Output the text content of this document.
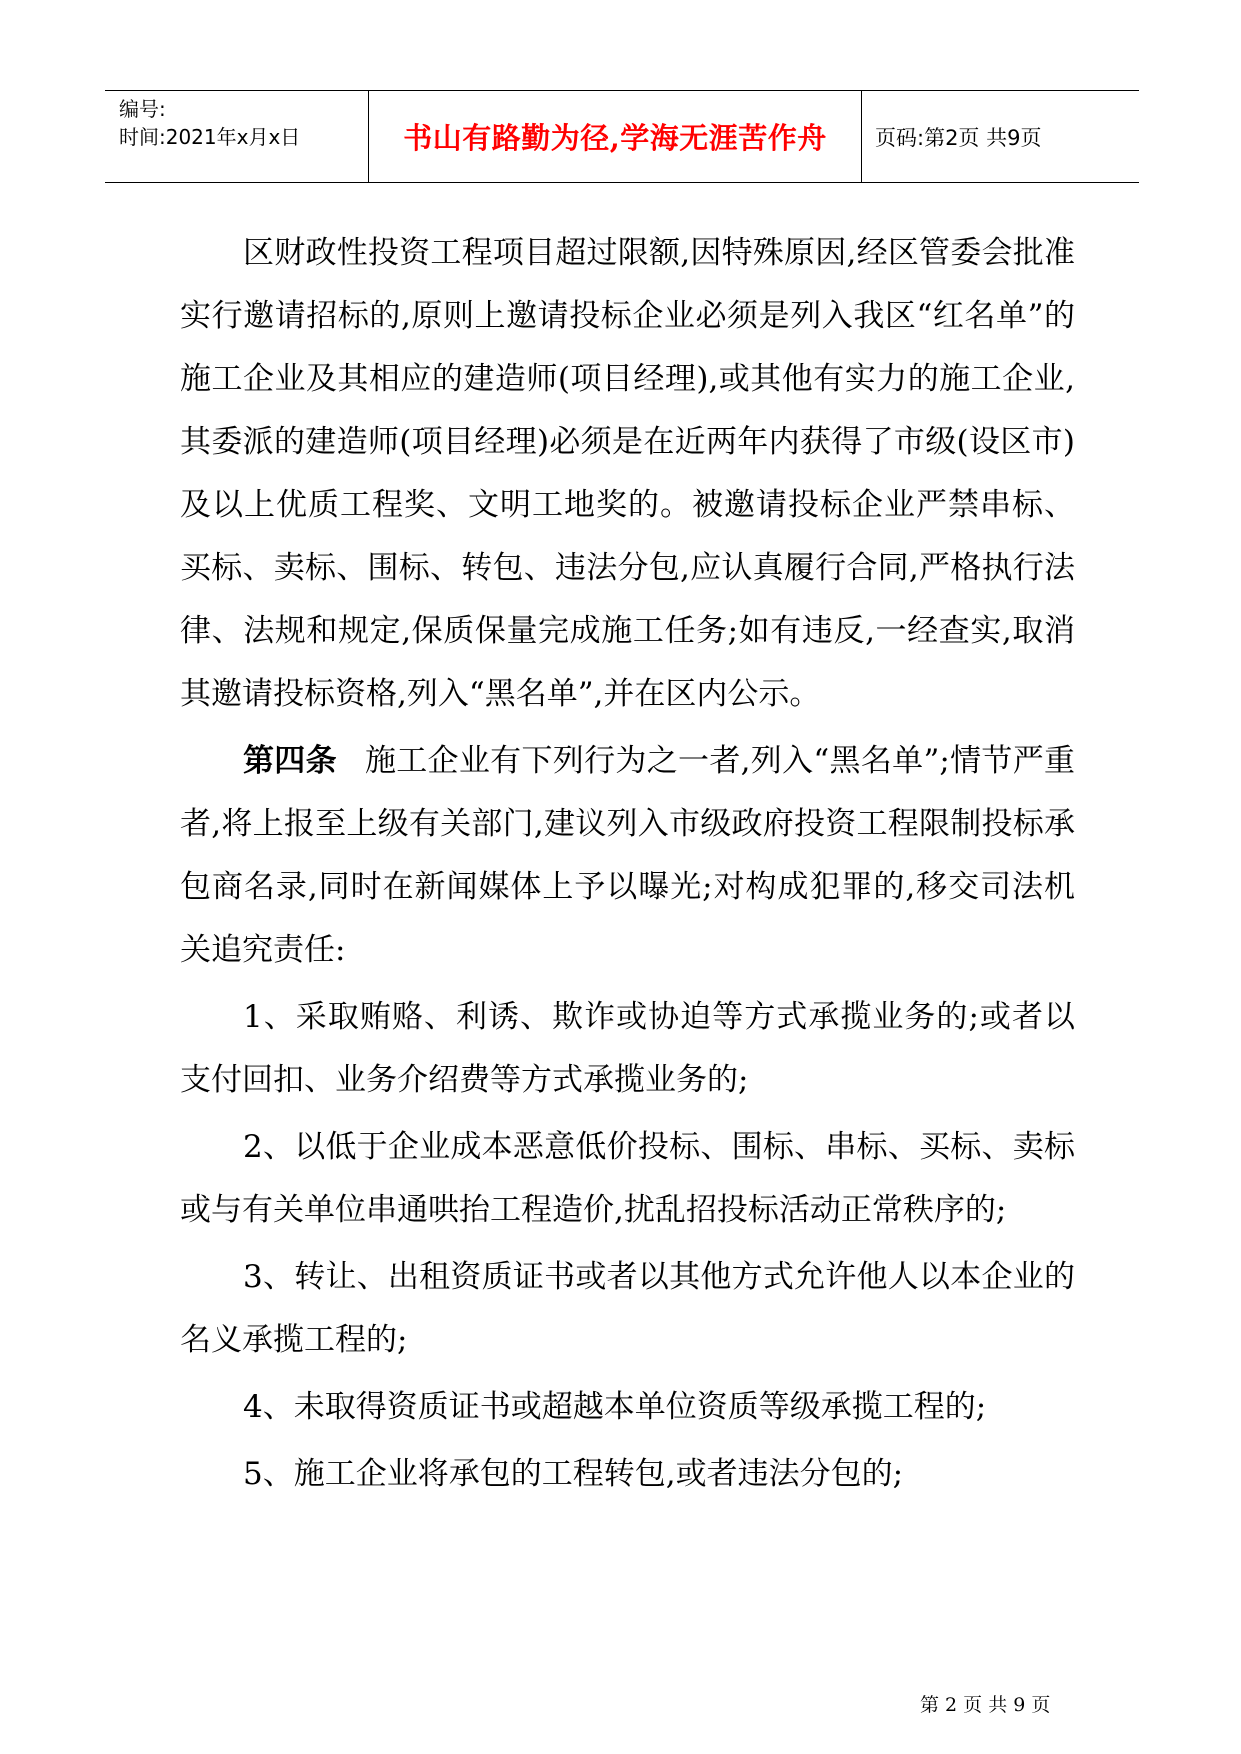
编号:
时间:2021年x月x日	书山有路勤为径,学海无涯苦作舟	页码:第2页 共9页

区财政性投资工程项目超过限额,因特殊原因,经区管委会批准实行邀请招标的,原则上邀请投标企业必须是列入我区“红名单”的施工企业及其相应的建造师(项目经理),或其他有实力的施工企业,其委派的建造师(项目经理)必须是在近两年内获得了市级(设区市)及以上优质工程奖、文明工地奖的。被邀请投标企业严禁串标、买标、卖标、围标、转包、违法分包,应认真履行合同,严格执行法律、法规和规定,保质保量完成施工任务;如有违反,一经查实,取消其邀请投标资格,列入“黑名单”,并在区内公示。

第四条 施工企业有下列行为之一者,列入“黑名单”;情节严重者,将上报至上级有关部门,建议列入市级政府投资工程限制投标承包商名录,同时在新闻媒体上予以曝光;对构成犯罪的,移交司法机关追究责任:

1、采取贿赂、利诱、欺诈或协迫等方式承揽业务的;或者以支付回扣、业务介绍费等方式承揽业务的;

2、以低于企业成本恶意低价投标、围标、串标、买标、卖标或与有关单位串通哄抬工程造价,扰乱招投标活动正常秩序的;

3、转让、出租资质证书或者以其他方式允许他人以本企业的名义承揽工程的;

4、未取得资质证书或超越本单位资质等级承揽工程的;

5、施工企业将承包的工程转包,或者违法分包的;

第 2 页 共 9 页
